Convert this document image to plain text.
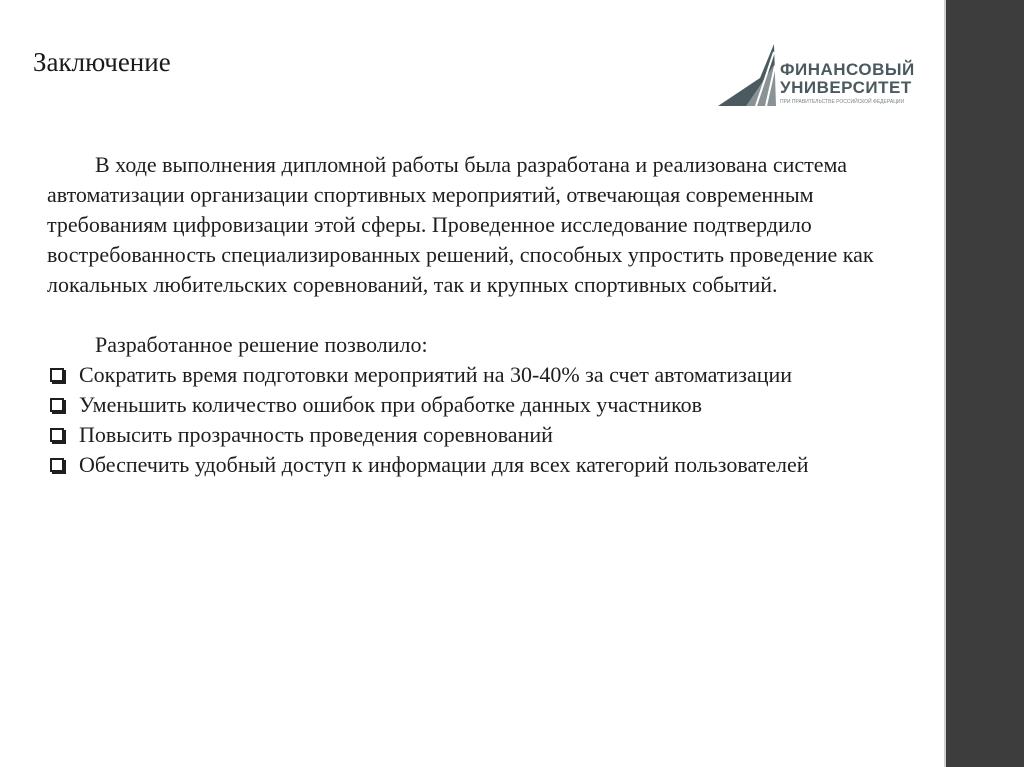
Заключение	ФИНАНСОВЫЙ
УНИВЕРСИТЕТ
ПРИ ПРАВИТЕЛЬСТВЕ РОССИЙСКОЙ ФЕДЕРАЦИИ

В ходе выполнения дипломной работы была разработана и реализована система автоматизации организации спортивных мероприятий, отвечающая современным требованиям цифровизации этой сферы. Проведенное исследование подтвердило востребованность специализированных решений, способных упростить проведение как локальных любительских соревнований, так и крупных спортивных событий.

Разработанное решение позволило:

Сократить время подготовки мероприятий на 30-40% за счет автоматизации
Уменьшить количество ошибок при обработке данных участников
Повысить прозрачность проведения соревнований
Обеспечить удобный доступ к информации для всех категорий пользователей
